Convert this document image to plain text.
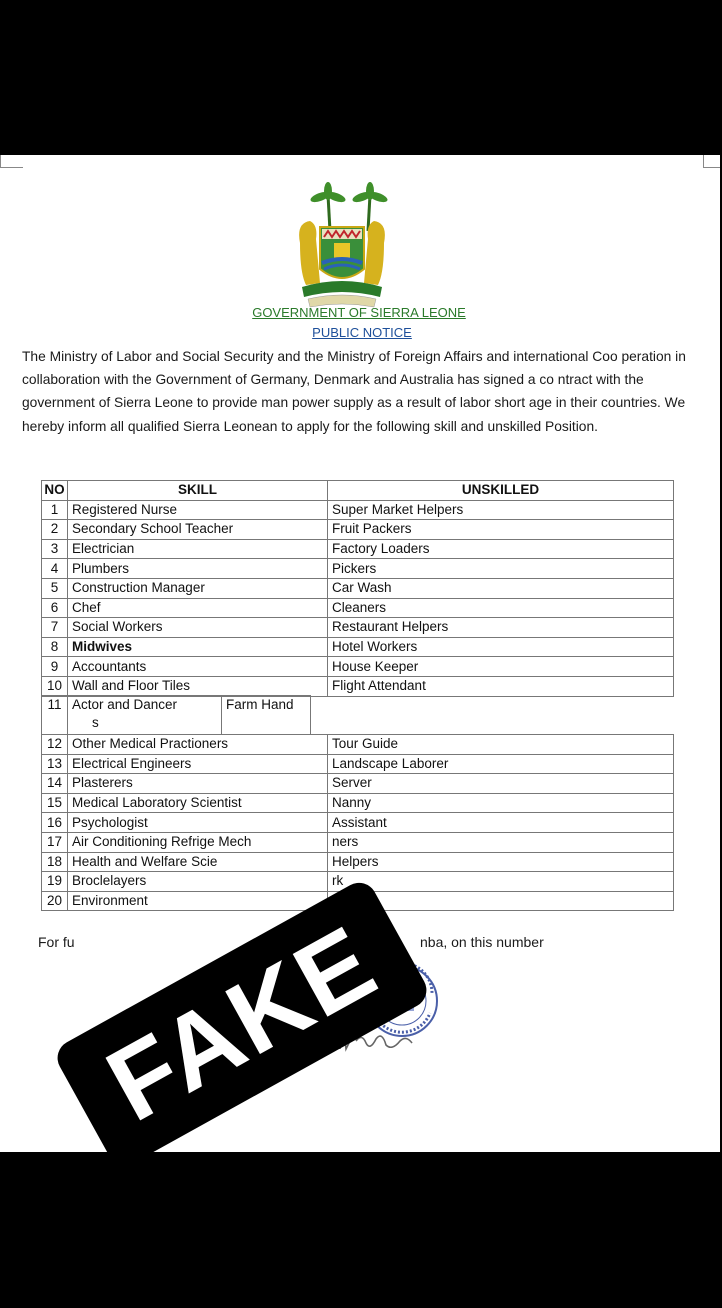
GOVERNMENT OF SIERRA LEONE
PUBLIC NOTICE

The Ministry of Labor and Social Security and the Ministry of Foreign Affairs and international Coo peration in collaboration with the Government of Germany, Denmark and Australia has signed a co ntract with the government of Sierra Leone to provide man power supply as a result of labor short age in their countries. We hereby inform all qualified Sierra Leonean to apply for the following skill and unskilled Position.

NO	SKILL	UNSKILLED
1	Registered Nurse	Super Market Helpers
2	Secondary School Teacher	Fruit Packers
3	Electrician	Factory Loaders
4	Plumbers	Pickers
5	Construction Manager	Car Wash
6	Chef	Cleaners
7	Social Workers	Restaurant Helpers
8	Midwives	Hotel Workers
9	Accountants	House Keeper
10	Wall and Floor Tiles	Flight Attendant
11	Actor and Dancer	Farm Hand
s
12	Other Medical Practioners	Tour Guide
13	Electrical Engineers	Landscape Laborer
14	Plasterers	Server
15	Medical Laboratory Scientist	Nanny
16	Psychologist	Assistant
17	Air Conditioning Refrige Mech	ners
18	Health and Welfare Scie	Helpers
19	Broclelayers	rk
20	Environment	
For fu	nba, on this number
FAKE
